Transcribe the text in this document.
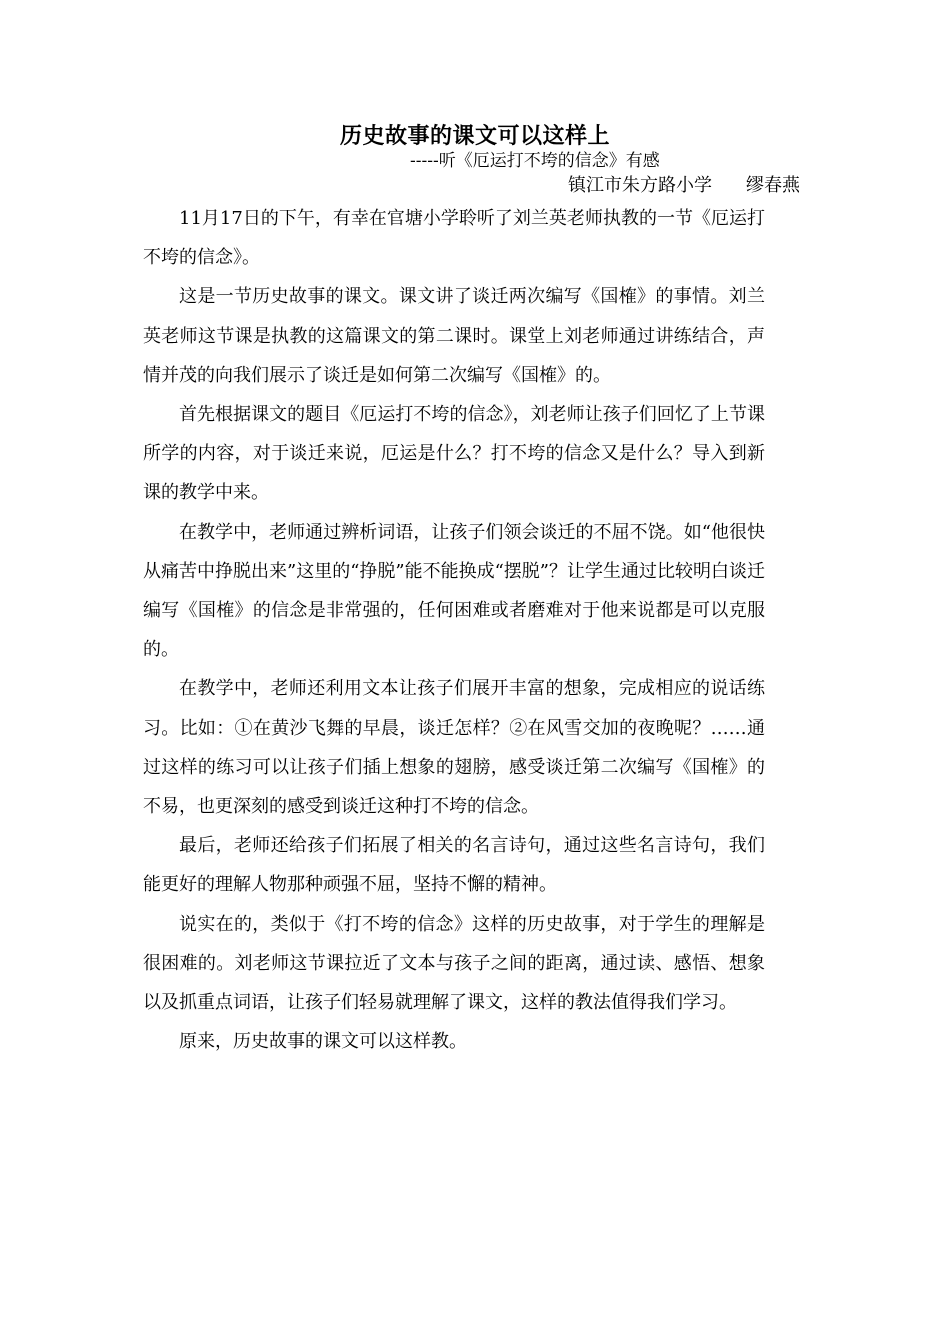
历史故事的课文可以这样上
-----听《厄运打不垮的信念》有感
镇江市朱方路小学 缪春燕

11月17日的下午，有幸在官塘小学聆听了刘兰英老师执教的一节《厄运打不垮的信念》。

这是一节历史故事的课文。课文讲了谈迁两次编写《国榷》的事情。刘兰英老师这节课是执教的这篇课文的第二课时。课堂上刘老师通过讲练结合，声情并茂的向我们展示了谈迁是如何第二次编写《国榷》的。

首先根据课文的题目《厄运打不垮的信念》，刘老师让孩子们回忆了上节课所学的内容，对于谈迁来说，厄运是什么？打不垮的信念又是什么？导入到新课的教学中来。

在教学中，老师通过辨析词语，让孩子们领会谈迁的不屈不饶。如“他很快从痛苦中挣脱出来”这里的“挣脱”能不能换成“摆脱”？让学生通过比较明白谈迁编写《国榷》的信念是非常强的，任何困难或者磨难对于他来说都是可以克服的。

在教学中，老师还利用文本让孩子们展开丰富的想象，完成相应的说话练习。比如：①在黄沙飞舞的早晨，谈迁怎样？②在风雪交加的夜晚呢？……通过这样的练习可以让孩子们插上想象的翅膀，感受谈迁第二次编写《国榷》的不易，也更深刻的感受到谈迁这种打不垮的信念。

最后，老师还给孩子们拓展了相关的名言诗句，通过这些名言诗句，我们能更好的理解人物那种顽强不屈，坚持不懈的精神。

说实在的，类似于《打不垮的信念》这样的历史故事，对于学生的理解是很困难的。刘老师这节课拉近了文本与孩子之间的距离，通过读、感悟、想象以及抓重点词语，让孩子们轻易就理解了课文，这样的教法值得我们学习。

原来，历史故事的课文可以这样教。
